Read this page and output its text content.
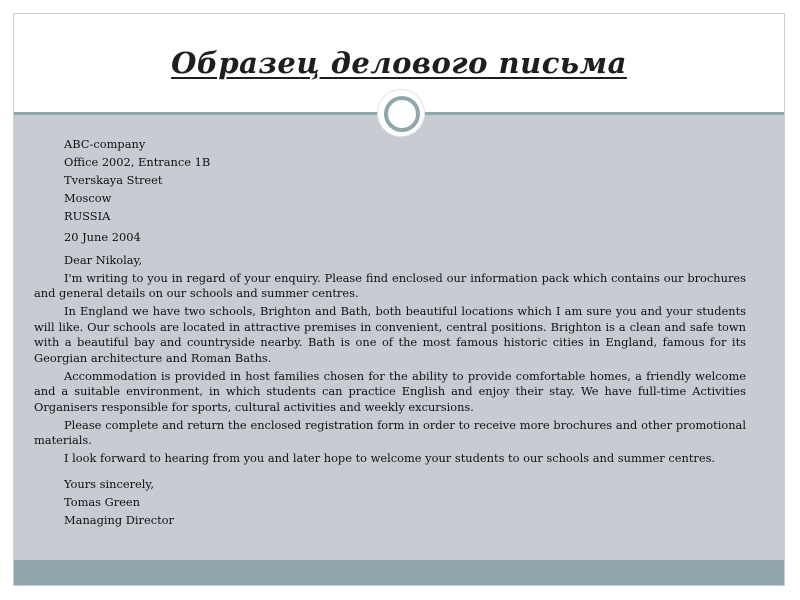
Образец делового письма
ABC-company
Office 2002, Entrance 1B
Tverskaya Street
Moscow
RUSSIA
20 June 2004
Dear Nikolay,

I'm writing to you in regard of your enquiry. Please find enclosed our information pack which contains our brochures and general details on our schools and summer centres.

In England we have two schools, Brighton and Bath, both beautiful locations which I am sure you and your students will like. Our schools are located in attractive premises in convenient, central positions. Brighton is a clean and safe town with a beautiful bay and countryside nearby. Bath is one of the most famous historic cities in England, famous for its Georgian architecture and Roman Baths.

Accommodation is provided in host families chosen for the ability to provide comfortable homes, a friendly welcome and a suitable environment, in which students can practice English and enjoy their stay. We have full-time Activities Organisers responsible for sports, cultural activities and weekly excursions.

Please complete and return the enclosed registration form in order to receive more brochures and other promotional materials.

I look forward to hearing from you and later hope to welcome your students to our schools and summer centres.

Yours sincerely,
Tomas Green
Managing Director
